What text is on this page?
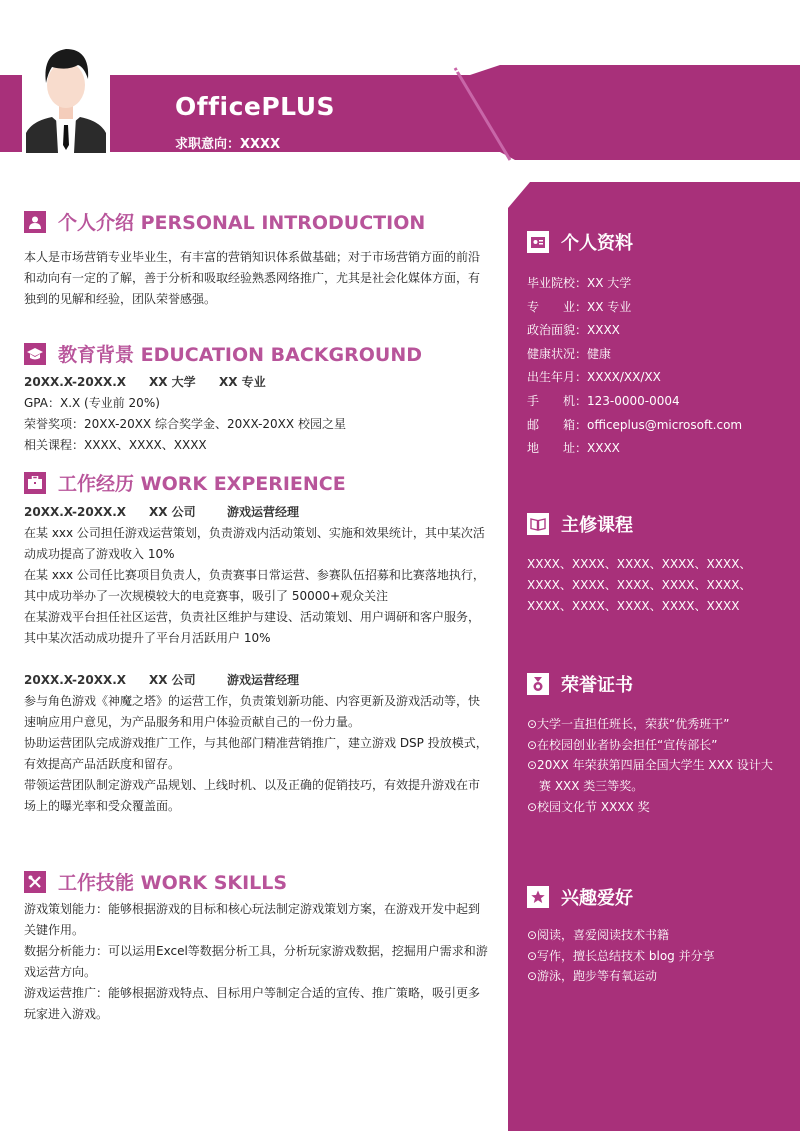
OfficePLUS
求职意向：XXXX
个人介绍 PERSONAL INTRODUCTION
本人是市场营销专业毕业生，有丰富的营销知识体系做基础；对于市场营销方面的前沿和动向有一定的了解，善于分析和吸取经验熟悉网络推广，尤其是社会化媒体方面，有独到的见解和经验，团队荣誉感强。
教育背景 EDUCATION BACKGROUND

20XX.X-20XX.X XX 大学 XX 专业

GPA：X.X (专业前 20%)

荣誉奖项：20XX-20XX 综合奖学金、20XX-20XX 校园之星

相关课程：XXXX、XXXX、XXXX

工作经历 WORK EXPERIENCE

20XX.X-20XX.X XX 公司	游戏运营经理

在某 xxx 公司担任游戏运营策划，负责游戏内活动策划、实施和效果统计，其中某次活动成功提高了游戏收入 10%

在某 xxx 公司任比赛项目负责人，负责赛事日常运营、参赛队伍招募和比赛落地执行，其中成功举办了一次规模较大的电竞赛事，吸引了 50000+观众关注

在某游戏平台担任社区运营，负责社区维护与建设、活动策划、用户调研和客户服务，其中某次活动成功提升了平台月活跃用户 10%

20XX.X-20XX.X XX 公司	游戏运营经理

参与角色游戏《神魔之塔》的运营工作，负责策划新功能、内容更新及游戏活动等，快速响应用户意见，为产品服务和用户体验贡献自己的一份力量。

协助运营团队完成游戏推广工作，与其他部门精准营销推广，建立游戏 DSP 投放模式，有效提高产品活跃度和留存。

带领运营团队制定游戏产品规划、上线时机、以及正确的促销技巧，有效提升游戏在市场上的曝光率和受众覆盖面。

工作技能 WORK SKILLS

游戏策划能力：能够根据游戏的目标和核心玩法制定游戏策划方案，在游戏开发中起到关键作用。

数据分析能力：可以运用Excel等数据分析工具，分析玩家游戏数据，挖掘用户需求和游戏运营方向。

游戏运营推广：能够根据游戏特点、目标用户等制定合适的宣传、推广策略，吸引更多玩家进入游戏。

个人资料

毕业院校：XX 大学

专　　业：XX 专业

政治面貌：XXXX

健康状况：健康

出生年月：XXXX/XX/XX

手　　机：123-0000-0004

邮　　箱：officeplus@microsoft.com

地　　址：XXXX

主修课程
XXXX、XXXX、XXXX、XXXX、XXXX、XXXX、XXXX、XXXX、XXXX、XXXX、XXXX、XXXX、XXXX、XXXX、XXXX
荣誉证书

⊙大学一直担任班长，荣获“优秀班干”

⊙在校园创业者协会担任“宣传部长”

⊙20XX 年荣获第四届全国大学生 XXX 设计大

赛 XXX 类三等奖。

⊙校园文化节 XXXX 奖

兴趣爱好

⊙阅读，喜爱阅读技术书籍

⊙写作，擅长总结技术 blog 并分享

⊙游泳，跑步等有氧运动
